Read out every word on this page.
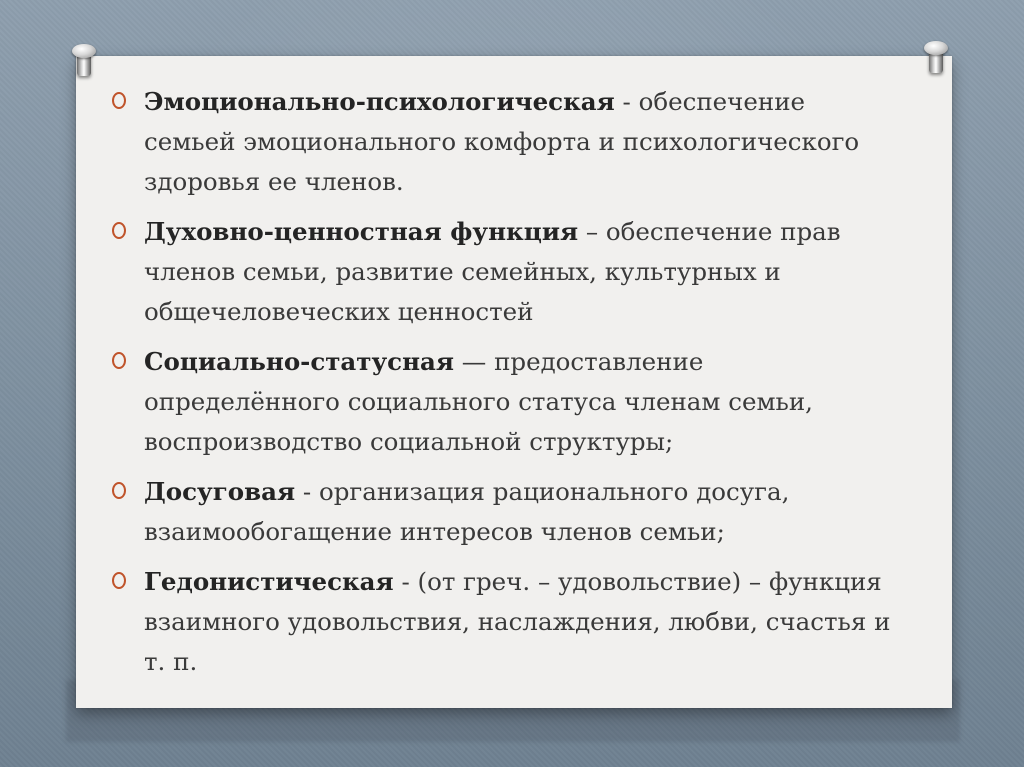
Эмоционально-психологическая - обеспечение семьей эмоционального комфорта и психологического здоровья ее членов.
Духовно-ценностная функция – обеспечение прав членов семьи, развитие семейных, культурных и общечеловеческих ценностей
Социально-статусная — предоставление определённого социального статуса членам семьи, воспроизводство социальной структуры;
Досуговая - организация рационального досуга, взаимообогащение интересов членов семьи;
Гедонистическая - (от греч. – удовольствие) – функция взаимного удовольствия, наслаждения, любви, счастья и т. п.
